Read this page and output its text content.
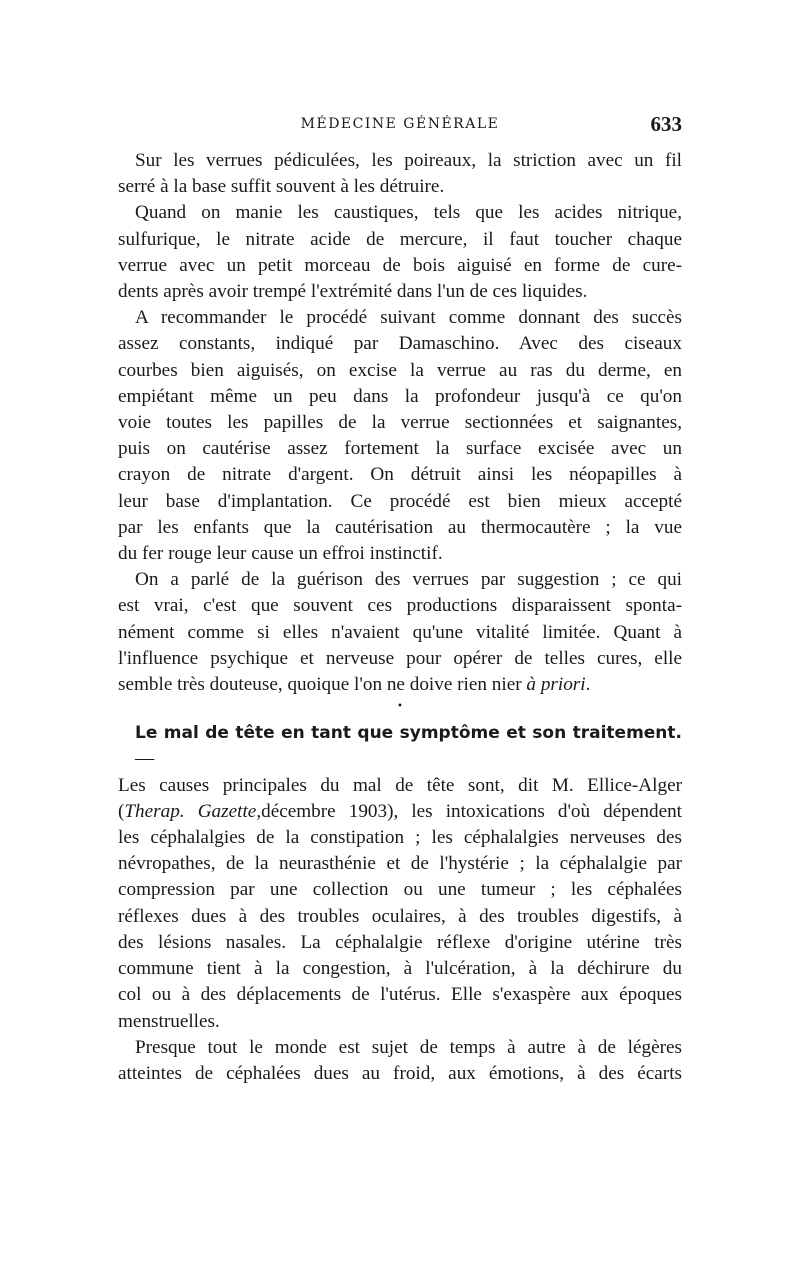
MÉDECINE GÉNÉRALE	633

Sur les verrues pédiculées, les poireaux, la striction avec un fil
serré à la base suffit souvent à les détruire.

Quand on manie les caustiques, tels que les acides nitrique,
sulfurique, le nitrate acide de mercure, il faut toucher chaque
verrue avec un petit morceau de bois aiguisé en forme de cure-
dents après avoir trempé l'extrémité dans l'un de ces liquides.

A recommander le procédé suivant comme donnant des succès
assez constants, indiqué par Damaschino. Avec des ciseaux
courbes bien aiguisés, on excise la verrue au ras du derme, en
empiétant même un peu dans la profondeur jusqu'à ce qu'on
voie toutes les papilles de la verrue sectionnées et saignantes,
puis on cautérise assez fortement la surface excisée avec un
crayon de nitrate d'argent. On détruit ainsi les néopapilles à
leur base d'implantation. Ce procédé est bien mieux accepté
par les enfants que la cautérisation au thermocautère ; la vue
du fer rouge leur cause un effroi instinctif.

On a parlé de la guérison des verrues par suggestion ; ce qui
est vrai, c'est que souvent ces productions disparaissent sponta-
nément comme si elles n'avaient qu'une vitalité limitée. Quant à
l'influence psychique et nerveuse pour opérer de telles cures, elle
semble très douteuse, quoique l'on ne doive rien nier à priori.

•

Le mal de tête en tant que symptôme et son traitement. —
Les causes principales du mal de tête sont, dit M. Ellice-Alger
(Therap. Gazette,décembre 1903), les intoxications d'où dépendent
les céphalalgies de la constipation ; les céphalalgies nerveuses des
névropathes, de la neurasthénie et de l'hystérie ; la céphalalgie par
compression par une collection ou une tumeur ; les céphalées
réflexes dues à des troubles oculaires, à des troubles digestifs, à
des lésions nasales. La céphalalgie réflexe d'origine utérine très
commune tient à la congestion, à l'ulcération, à la déchirure du
col ou à des déplacements de l'utérus. Elle s'exaspère aux époques
menstruelles.

Presque tout le monde est sujet de temps à autre à de légères
atteintes de céphalées dues au froid, aux émotions, à des écarts
